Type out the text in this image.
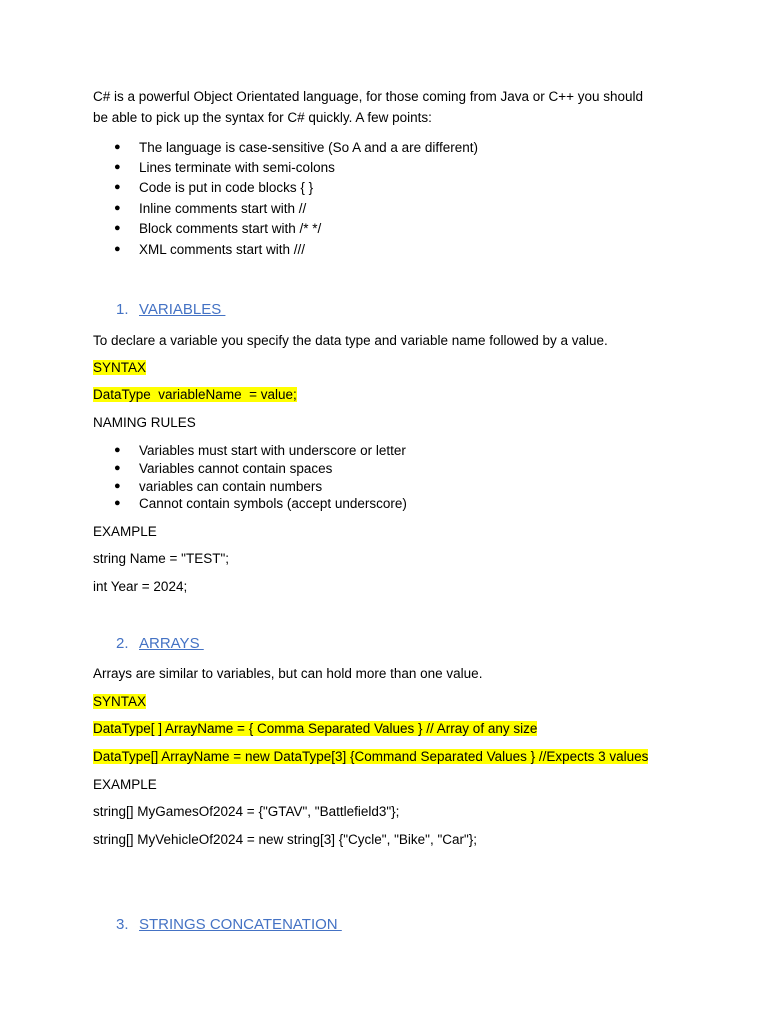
C# is a powerful Object Orientated language, for those coming from Java or C++ you should
be able to pick up the syntax for C# quickly. A few points:
● The language is case-sensitive (So A and a are different)
● Lines terminate with semi-colons
● Code is put in code blocks { }
● Inline comments start with //
● Block comments start with /* */
● XML comments start with ///
1. VARIABLES
To declare a variable you specify the data type and variable name followed by a value.
SYNTAX
DataType  variableName  = value;
NAMING RULES
● Variables must start with underscore or letter
● Variables cannot contain spaces
● variables can contain numbers
● Cannot contain symbols (accept underscore)
EXAMPLE
string Name = "TEST";
int Year = 2024;
2. ARRAYS
Arrays are similar to variables, but can hold more than one value.
SYNTAX
DataType[ ] ArrayName = { Comma Separated Values } // Array of any size
DataType[] ArrayName = new DataType[3] {Command Separated Values } //Expects 3 values
EXAMPLE
string[] MyGamesOf2024 = {"GTAV", "Battlefield3"};
string[] MyVehicleOf2024 = new string[3] {"Cycle", "Bike", "Car"};
3. STRINGS CONCATENATION
